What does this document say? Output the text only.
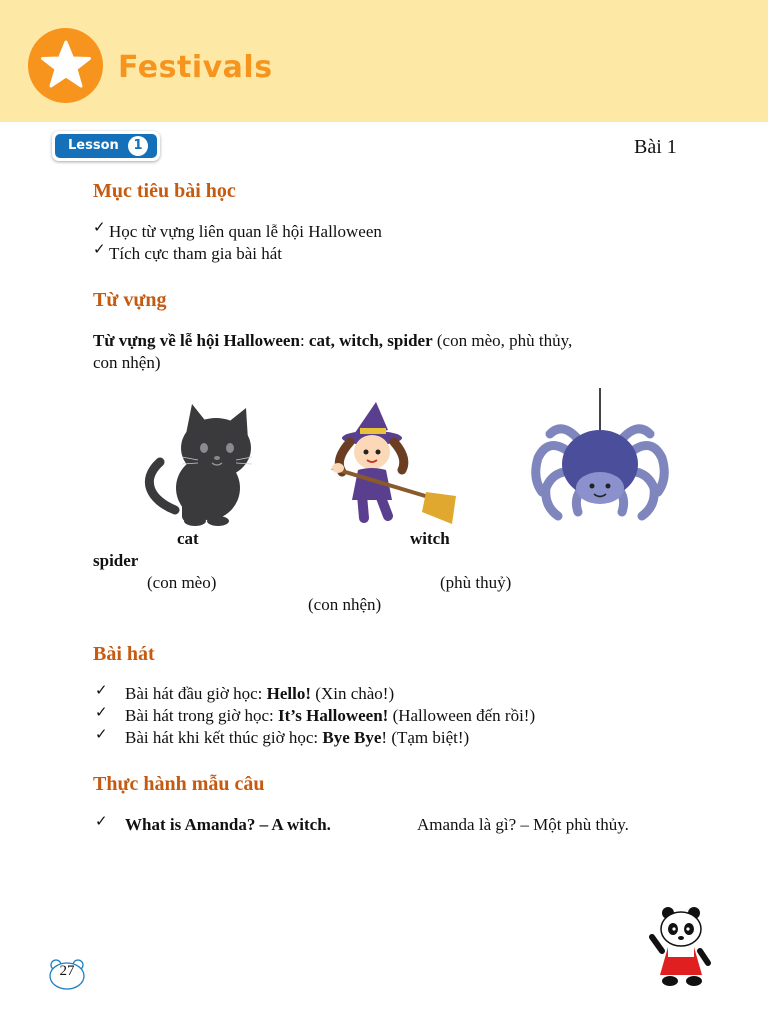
Festivals
Lesson	1	Bài 1
Mục tiêu bài học
✓ Học từ vựng liên quan lễ hội Halloween
✓ Tích cực tham gia bài hát
Từ vựng
Từ vựng về lễ hội Halloween: cat, witch, spider (con mèo, phù thủy,
con nhện)
cat	witch
spider
(con mèo)	(phù thuỷ)
(con nhện)
Bài hát
✓ Bài hát đầu giờ học: Hello! (Xin chào!)
✓ Bài hát trong giờ học: It’s Halloween! (Halloween đến rồi!)
✓ Bài hát khi kết thúc giờ học: Bye Bye! (Tạm biệt!)
Thực hành mẫu câu
✓ What is Amanda? – A witch.	Amanda là gì? – Một phù thủy.
27
